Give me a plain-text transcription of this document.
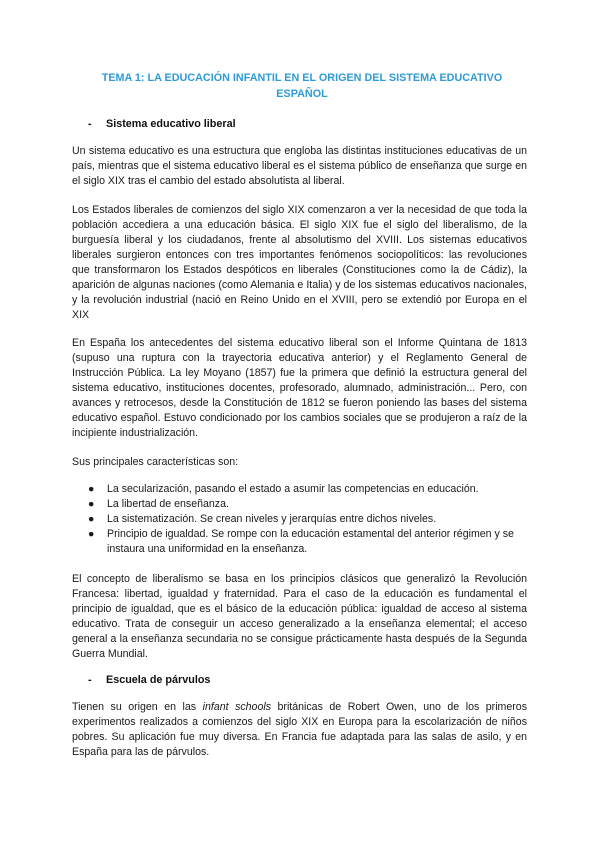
TEMA 1: LA EDUCACIÓN INFANTIL EN EL ORIGEN DEL SISTEMA EDUCATIVO ESPAÑOL
- Sistema educativo liberal

Un sistema educativo es una estructura que engloba las distintas instituciones educativas de un país, mientras que el sistema educativo liberal es el sistema público de enseñanza que surge en el siglo XIX tras el cambio del estado absolutista al liberal.

Los Estados liberales de comienzos del siglo XIX comenzaron a ver la necesidad de que toda la población accediera a una educación básica. El siglo XIX fue el siglo del liberalismo, de la burguesía liberal y los ciudadanos, frente al absolutismo del XVIII. Los sistemas educativos liberales surgieron entonces con tres importantes fenómenos sociopolíticos: las revoluciones que transformaron los Estados despóticos en liberales (Constituciones como la de Cádiz), la aparición de algunas naciones (como Alemania e Italia) y de los sistemas educativos nacionales, y la revolución industrial (nació en Reino Unido en el XVIII, pero se extendió por Europa en el XIX

En España los antecedentes del sistema educativo liberal son el Informe Quintana de 1813 (supuso una ruptura con la trayectoria educativa anterior) y el Reglamento General de Instrucción Pública. La ley Moyano (1857) fue la primera que definió la estructura general del sistema educativo, instituciones docentes, profesorado, alumnado, administración... Pero, con avances y retrocesos, desde la Constitución de 1812 se fueron poniendo las bases del sistema educativo español. Estuvo condicionado por los cambios sociales que se produjeron a raíz de la incipiente industrialización.

Sus principales características son:

● La secularización, pasando el estado a asumir las competencias en educación.
● La libertad de enseñanza.
● La sistematización. Se crean niveles y jerarquías entre dichos niveles.
● Principio de igualdad. Se rompe con la educación estamental del anterior régimen y se instaura una uniformidad en la enseñanza.

El concepto de liberalismo se basa en los principios clásicos que generalizó la Revolución Francesa: libertad, igualdad y fraternidad. Para el caso de la educación es fundamental el principio de igualdad, que es el básico de la educación pública: igualdad de acceso al sistema educativo. Trata de conseguir un acceso generalizado a la enseñanza elemental; el acceso general a la enseñanza secundaria no se consigue prácticamente hasta después de la Segunda Guerra Mundial.

- Escuela de párvulos

Tienen su origen en las infant schools británicas de Robert Owen, uno de los primeros experimentos realizados a comienzos del siglo XIX en Europa para la escolarización de niños pobres. Su aplicación fue muy diversa. En Francia fue adaptada para las salas de asilo, y en España para las de párvulos.
